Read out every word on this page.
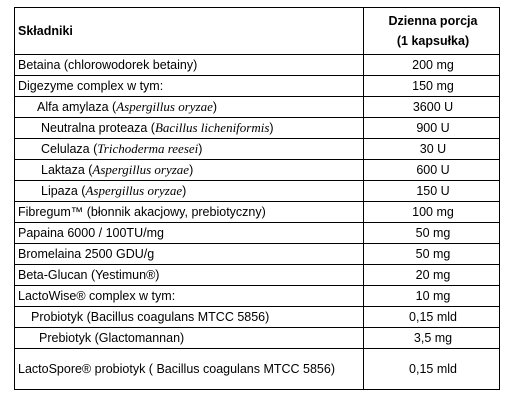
Składniki	Dzienna porcja
(1 kapsułka)

Betaina (chlorowodorek betainy)	200 mg
Digezyme complex w tym:	150 mg
Alfa amylaza (Aspergillus oryzae)	3600 U
Neutralna proteaza (Bacillus licheniformis)	900 U
Celulaza (Trichoderma reesei)	30 U
Laktaza (Aspergillus oryzae)	600 U
Lipaza (Aspergillus oryzae)	150 U
Fibregum™ (błonnik akacjowy, prebiotyczny)	100 mg
Papaina 6000 / 100TU/mg	50 mg
Bromelaina 2500 GDU/g	50 mg
Beta-Glucan (Yestimun®)	20 mg
LactoWise® complex w tym:	10 mg
Probiotyk (Bacillus coagulans MTCC 5856)	0,15 mld
Prebiotyk (Glactomannan)	3,5 mg
LactoSpore® probiotyk ( Bacillus coagulans MTCC 5856)	0,15 mld
